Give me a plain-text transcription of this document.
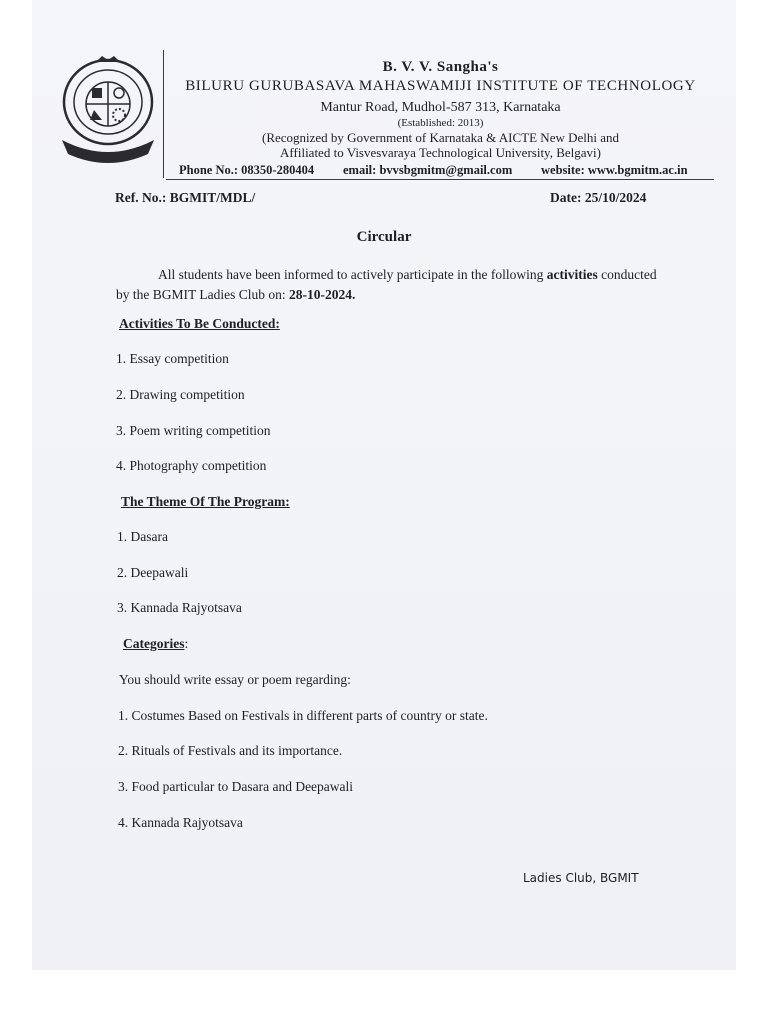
B. V. V. Sangha's
BILURU GURUBASAVA MAHASWAMIJI INSTITUTE OF TECHNOLOGY
Mantur Road, Mudhol-587 313, Karnataka
(Established: 2013)
(Recognized by Government of Karnataka & AICTE New Delhi and
Affiliated to Visvesvaraya Technological University, Belgavi)
Phone No.: 08350-280404 email: bvvsbgmitm@gmail.com website: www.bgmitm.ac.in
Ref. No.: BGMIT/MDL/	Date: 25/10/2024
Circular
All students have been informed to actively participate in the following activities conducted by the BGMIT Ladies Club on: 28-10-2024.
Activities To Be Conducted:
1. Essay competition
2. Drawing competition
3. Poem writing competition
4. Photography competition
The Theme Of The Program:
1. Dasara
2. Deepawali
3. Kannada Rajyotsava
Categories:
You should write essay or poem regarding:
1. Costumes Based on Festivals in different parts of country or state.
2. Rituals of Festivals and its importance.
3. Food particular to Dasara and Deepawali
4. Kannada Rajyotsava
Ladies Club, BGMIT
